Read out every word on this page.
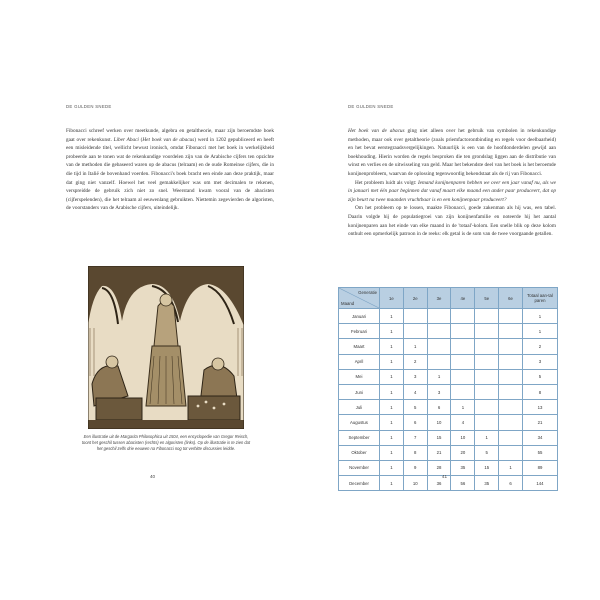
DE GULDEN SNEDE

Fibonacci schreef werken over meetkunde, algebra en getaltheorie, maar zijn beroemdste boek gaat over rekenkunst. Liber Abaci (Het boek van de abacus) werd in 1202 gepubliceerd en heeft een misleidende titel, wellicht bewust ironisch, omdat Fibonacci met het boek in werkelijkheid probeerde aan te tonen wat de rekenkundige voordelen zijn van de Arabische cijfers ten opzichte van de methoden die gebaseerd waren op de abacus (telraam) en de oude Romeinse cijfers, die in die tijd in Italië de bovenhand voerden. Fibonacci's boek bracht een einde aan deze praktijk, maar dat ging niet vanzelf. Hoewel het veel gemakkelijker was om met decimalen te rekenen, verspreidde de gebruik zich niet zo snel. Weerstand kwam vooral van de abacisten (cijferspelenden), die het telraam al eeuwenlang gebruikten. Niettemin zegevierden de algoristen, de voorstanders van de Arabische cijfers, uiteindelijk.

Een illustratie uit de Margarita Philosophica uit 1504, een encyclopedie van Gregor Reisch, toont het geschil tussen abacisten (rechts) en algoristen (links). Op de illustratie is te zien dat het geschil zelfs drie eeuwen na Fibonacci nog tot verhitte discussies leidde.
40
DE GULDEN SNEDE

Het boek van de abacus ging niet alleen over het gebruik van symbolen in rekenkundige methoden, maar ook over getaltheorie (zoals priemfactorontbinding en regels voor deelbaarheid) en het bevat eerstegraadsvergelijkingen. Natuurlijk is een van de hoofdonderdelen gewijd aan boekhouding. Hierin worden de regels besproken die ten grondslag liggen aan de distributie van winst en verlies en de uitwisseling van geld. Maar het bekendste deel van het boek is het beroemde konijnenprobleem, waarvan de oplossing tegenwoordig bekendstaat als de rij van Fibonacci.

Het probleem luidt als volgt: Iemand konijnenparen hebben we over een jaar vanaf nu, als we in januari met één paar beginnen dat vanaf maart elke maand een ander paar produceert, dat op zijn beurt na twee maanden vruchtbaar is en een konijnenpaar produceert?

Om het probleem op te lossen, maakte Fibonacci, goede zakenman als hij was, een tabel. Daarin volgde hij de populatiegroei van zijn konijnenfamilie en noteerde hij het aantal konijnenparen aan het einde van elke maand in de 'totaal'-kolom. Een snelle blik op deze kolom onthult een opmerkelijk patroon in de reeks: elk getal is de som van de twee voorgaande getallen.

Generatie
Maand	1e	2e	3e	4e	5e	6e	Totaal aan-tal paren
Januari	1						1
Februari	1						1
Maart	1	1					2
April	1	2					3
Mei	1	3	1				5
Juni	1	4	3				8
Juli	1	5	6	1			13
Augustus	1	6	10	4			21
September	1	7	15	10	1		34
Oktober	1	8	21	20	5		55
November	1	9	28	35	15	1	89
December	1	10	36	56	35	6	144
41
